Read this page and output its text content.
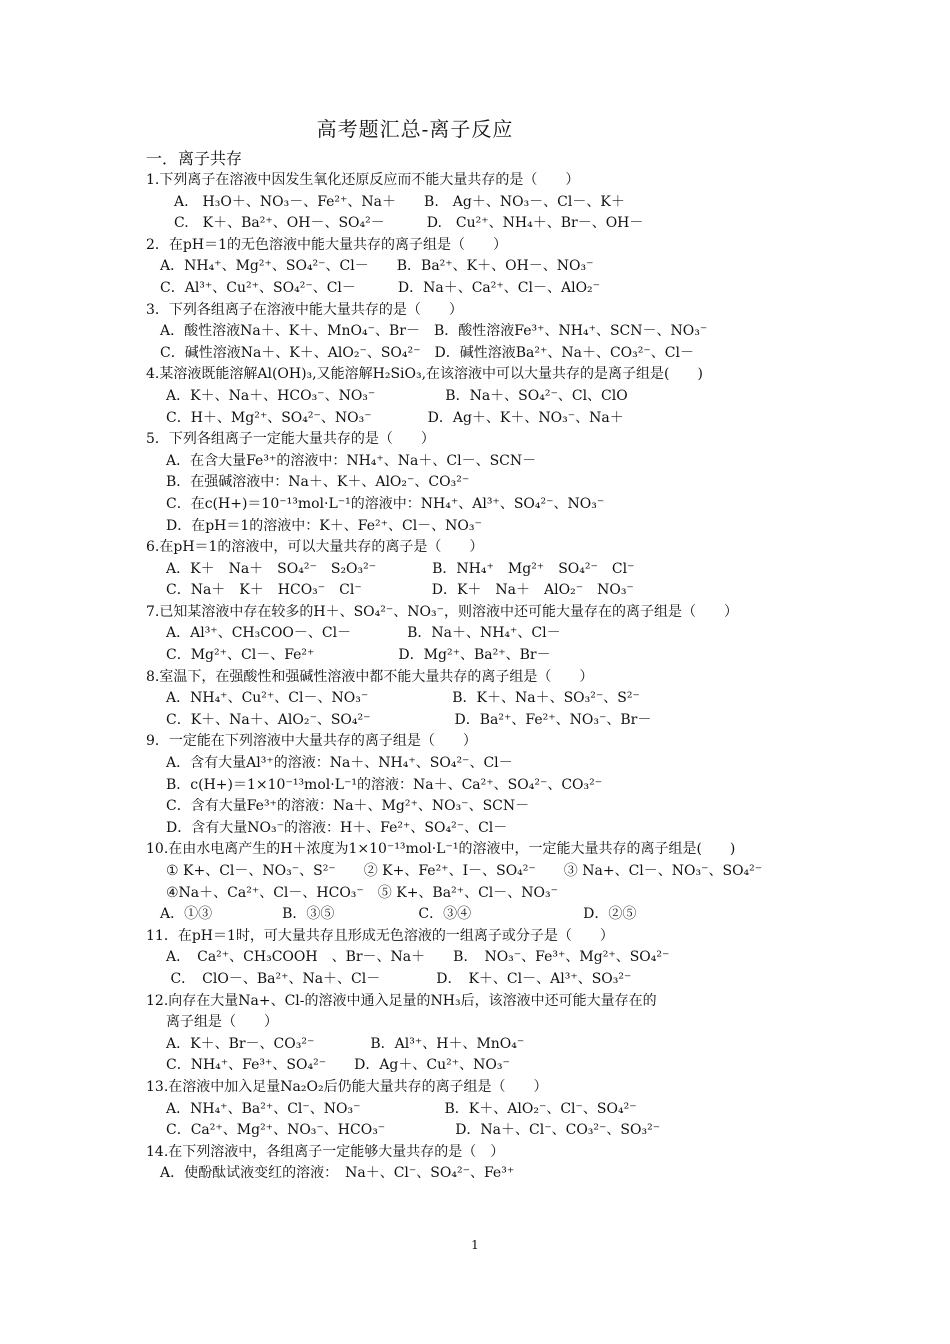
高考题汇总-离子反应
一．离子共存
1.下列离子在溶液中因发生氧化还原反应而不能大量共存的是（　　）
A.　H₃O＋、NO₃－、Fe²⁺、Na＋　　B.　Ag＋、NO₃－、Cl－、K＋
C.　K＋、Ba²⁺、OH－、SO₄²－　　　D.　Cu²⁺、NH₄＋、Br－、OH－
2．在pH＝1的无色溶液中能大量共存的离子组是（　　）
A．NH₄⁺、Mg²⁺、SO₄²⁻、Cl－　　B．Ba²⁺、K＋、OH－、NO₃⁻
C．Al³⁺、Cu²⁺、SO₄²⁻、Cl－　　　D．Na＋、Ca²⁺、Cl－、AlO₂⁻
3．下列各组离子在溶液中能大量共存的是（　　）
A．酸性溶液Na＋、K＋、MnO₄⁻、Br－　B．酸性溶液Fe³⁺、NH₄⁺、SCN－、NO₃⁻
C．碱性溶液Na＋、K＋、AlO₂⁻、SO₄²⁻　D．碱性溶液Ba²⁺、Na＋、CO₃²⁻、Cl－
4.某溶液既能溶解Al(OH)₃,又能溶解H₂SiO₃,在该溶液中可以大量共存的是离子组是(　　)
A．K＋、Na＋、HCO₃⁻、NO₃⁻　　　　　B．Na＋、SO₄²⁻、Cl、ClO
C．H＋、Mg²⁺、SO₄²⁻、NO₃⁻　　　　D．Ag＋、K＋、NO₃⁻、Na＋
5．下列各组离子一定能大量共存的是（　　）
A．在含大量Fe³⁺的溶液中：NH₄⁺、Na＋、Cl－、SCN－
B．在强碱溶液中：Na＋、K＋、AlO₂⁻、CO₃²⁻
C．在c(H+)＝10⁻¹³mol·L⁻¹的溶液中：NH₄⁺、Al³⁺、SO₄²⁻、NO₃⁻
D．在pH＝1的溶液中：K＋、Fe²⁺、Cl－、NO₃⁻
6.在pH＝1的溶液中，可以大量共存的离子是（　　）
A．K＋　Na＋　SO₄²⁻　S₂O₃²⁻　　　　B．NH₄⁺　Mg²⁺　SO₄²⁻　Cl⁻
C．Na＋　K＋　HCO₃⁻　Cl⁻　　　　　D．K＋　Na＋　AlO₂⁻　NO₃⁻
7.已知某溶液中存在较多的H＋、SO₄²⁻、NO₃⁻，则溶液中还可能大量存在的离子组是（　　）
A．Al³⁺、CH₃COO－、Cl－　　　　B．Na＋、NH₄⁺、Cl－
C．Mg²⁺、Cl－、Fe²⁺　　　　　　D．Mg²⁺、Ba²⁺、Br－
8.室温下，在强酸性和强碱性溶液中都不能大量共存的离子组是（　　）
A．NH₄⁺、Cu²⁺、Cl－、NO₃⁻　　　　　　B．K＋、Na＋、SO₃²⁻、S²⁻
C．K＋、Na＋、AlO₂⁻、SO₄²⁻　　　　　　D．Ba²⁺、Fe²⁺、NO₃⁻、Br－
9．一定能在下列溶液中大量共存的离子组是（　　）
A．含有大量Al³⁺的溶液：Na＋、NH₄⁺、SO₄²⁻、Cl－
B．c(H+)＝1×10⁻¹³mol·L⁻¹的溶液：Na＋、Ca²⁺、SO₄²⁻、CO₃²⁻
C．含有大量Fe³⁺的溶液：Na＋、Mg²⁺、NO₃⁻、SCN－
D．含有大量NO₃⁻的溶液：H＋、Fe²⁺、SO₄²⁻、Cl－
10.在由水电离产生的H＋浓度为1×10⁻¹³mol·L⁻¹的溶液中，一定能大量共存的离子组是(　　)
① K+、Cl－、NO₃⁻、S²⁻　　② K+、Fe²⁺、I－、SO₄²⁻　　③ Na+、Cl－、NO₃⁻、SO₄²⁻
④Na＋、Ca²⁺、Cl－、HCO₃⁻　⑤ K+、Ba²⁺、Cl－、NO₃⁻
A．①③　　　　　B．③⑤　　　　　　C．③④　　　　　　　　D．②⑤
11．在pH＝1时，可大量共存且形成无色溶液的一组离子或分子是（　　）
A．　Ca²⁺、CH₃COOH　、Br－、Na＋　　B．　NO₃⁻、Fe³⁺、Mg²⁺、SO₄²⁻
C．　ClO－、Ba²⁺、Na＋、Cl－　　　　D．　K＋、Cl－、Al³⁺、SO₃²⁻
12.向存在大量Na+、Cl-的溶液中通入足量的NH₃后，该溶液中还可能大量存在的
离子组是（　　）
A．K＋、Br－、CO₃²⁻　　　　B．Al³⁺、H＋、MnO₄⁻
C．NH₄⁺、Fe³⁺、SO₄²⁻　　D．Ag＋、Cu²⁺、NO₃⁻
13.在溶液中加入足量Na₂O₂后仍能大量共存的离子组是（　　）
A．NH₄⁺、Ba²⁺、Cl⁻、NO₃⁻　　　　　　B．K＋、AlO₂⁻、Cl⁻、SO₄²⁻
C．Ca²⁺、Mg²⁺、NO₃⁻、HCO₃⁻　　　　　D．Na＋、Cl⁻、CO₃²⁻、SO₃²⁻
14.在下列溶液中，各组离子一定能够大量共存的是（　）
A．使酚酞试液变红的溶液：　Na＋、Cl⁻、SO₄²⁻、Fe³⁺
1
